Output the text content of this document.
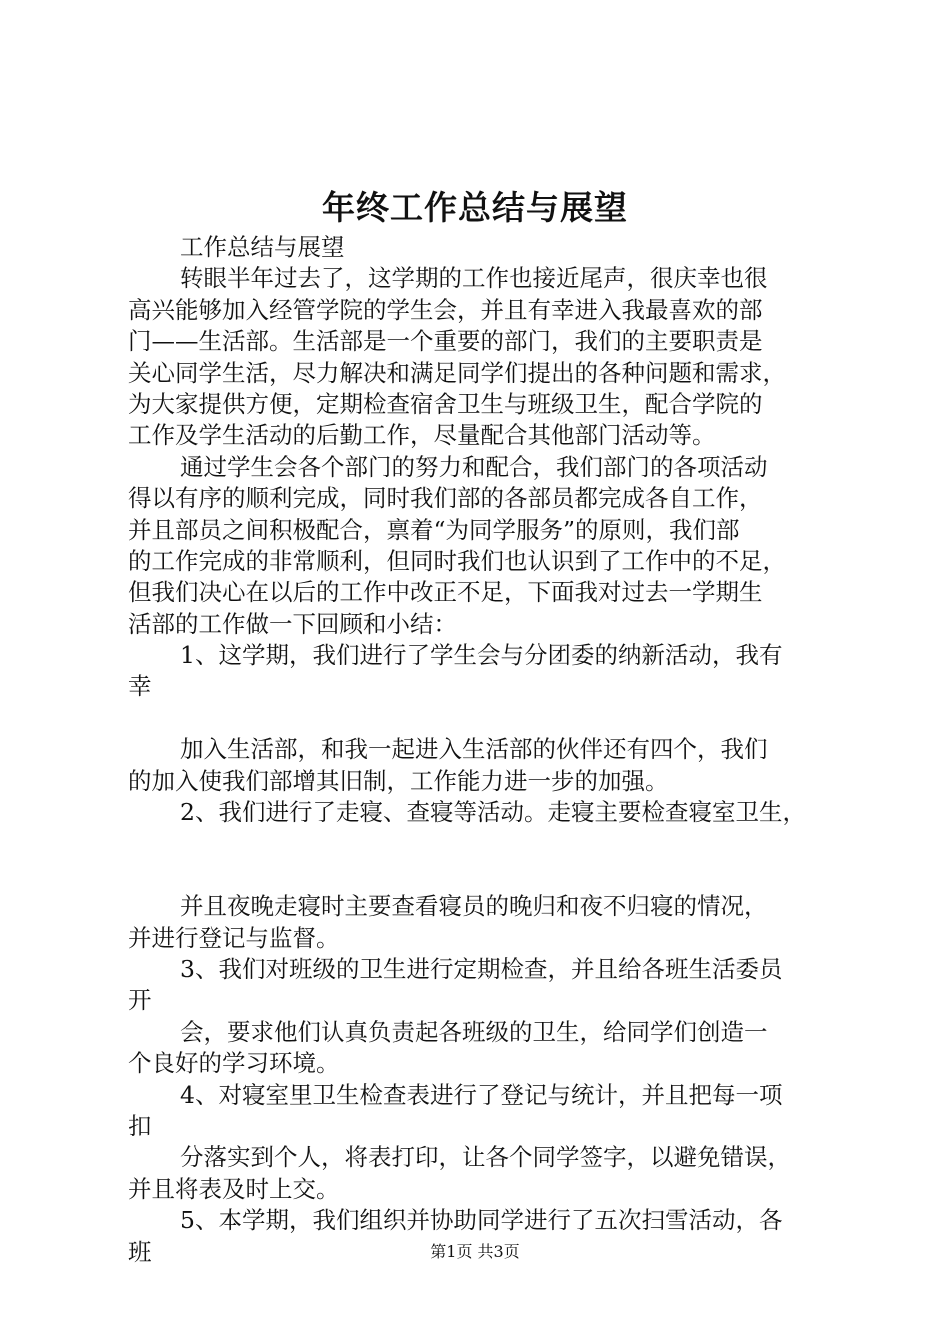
年终工作总结与展望
工作总结与展望
转眼半年过去了，这学期的工作也接近尾声，很庆幸也很
高兴能够加入经管学院的学生会，并且有幸进入我最喜欢的部
门——生活部。生活部是一个重要的部门，我们的主要职责是
关心同学生活，尽力解决和满足同学们提出的各种问题和需求，
为大家提供方便，定期检查宿舍卫生与班级卫生，配合学院的
工作及学生活动的后勤工作，尽量配合其他部门活动等。
通过学生会各个部门的努力和配合，我们部门的各项活动
得以有序的顺利完成，同时我们部的各部员都完成各自工作，
并且部员之间积极配合，禀着“为同学服务”的原则，我们部
的工作完成的非常顺利，但同时我们也认识到了工作中的不足，
但我们决心在以后的工作中改正不足，下面我对过去一学期生
活部的工作做一下回顾和小结：
1、这学期，我们进行了学生会与分团委的纳新活动，我有
幸
加入生活部，和我一起进入生活部的伙伴还有四个，我们
的加入使我们部增其旧制，工作能力进一步的加强。
2、我们进行了走寝、查寝等活动。走寝主要检查寝室卫生，
并且夜晚走寝时主要查看寝员的晚归和夜不归寝的情况，
并进行登记与监督。
3、我们对班级的卫生进行定期检查，并且给各班生活委员
开
会，要求他们认真负责起各班级的卫生，给同学们创造一
个良好的学习环境。
4、对寝室里卫生检查表进行了登记与统计，并且把每一项
扣
分落实到个人，将表打印，让各个同学签字，以避免错误，
并且将表及时上交。
5、本学期，我们组织并协助同学进行了五次扫雪活动，各
班	第1页 共3页
